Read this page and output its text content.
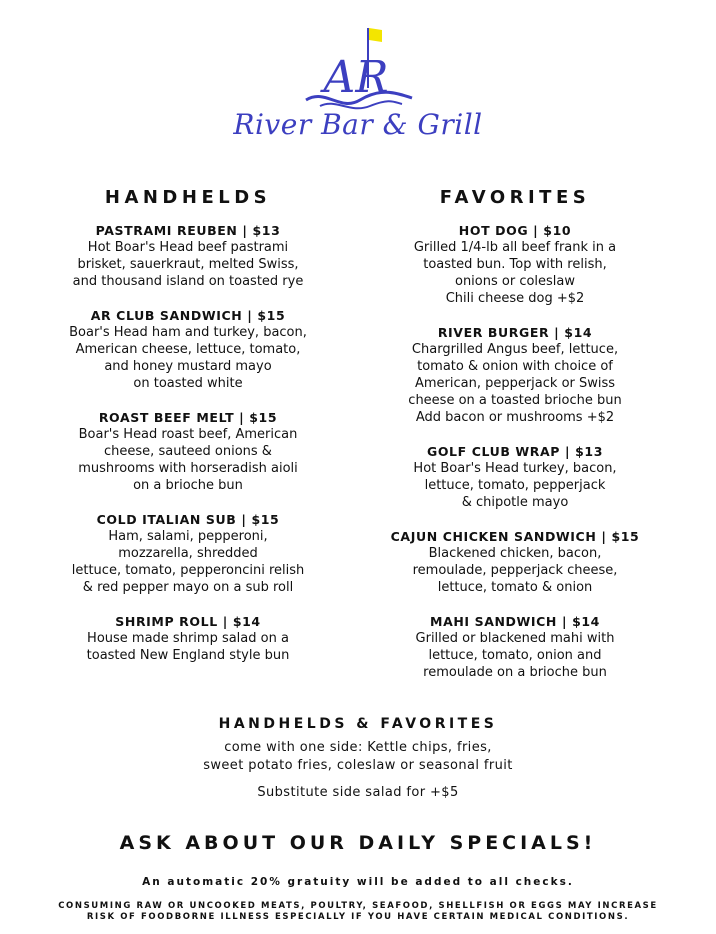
AR
River Bar & Grill
HANDHELDS
PASTRAMI REUBEN | $13
Hot Boar's Head beef pastrami
brisket, sauerkraut, melted Swiss,
and thousand island on toasted rye
AR CLUB SANDWICH | $15
Boar's Head ham and turkey, bacon,
American cheese, lettuce, tomato,
and honey mustard mayo
on toasted white
ROAST BEEF MELT | $15
Boar's Head roast beef, American
cheese, sauteed onions &
mushrooms with horseradish aioli
on a brioche bun
COLD ITALIAN SUB | $15
Ham, salami, pepperoni,
mozzarella, shredded
lettuce, tomato, pepperoncini relish
& red pepper mayo on a sub roll
SHRIMP ROLL | $14
House made shrimp salad on a
toasted New England style bun
FAVORITES
HOT DOG | $10
Grilled 1/4-lb all beef frank in a
toasted bun. Top with relish,
onions or coleslaw
Chili cheese dog +$2
RIVER BURGER | $14
Chargrilled Angus beef, lettuce,
tomato & onion with choice of
American, pepperjack or Swiss
cheese on a toasted brioche bun
Add bacon or mushrooms +$2
GOLF CLUB WRAP | $13
Hot Boar's Head turkey, bacon,
lettuce, tomato, pepperjack
& chipotle mayo
CAJUN CHICKEN SANDWICH | $15
Blackened chicken, bacon,
remoulade, pepperjack cheese,
lettuce, tomato & onion
MAHI SANDWICH | $14
Grilled or blackened mahi with
lettuce, tomato, onion and
remoulade on a brioche bun
HANDHELDS & FAVORITES
come with one side: Kettle chips, fries,
sweet potato fries, coleslaw or seasonal fruit
Substitute side salad for +$5
ASK ABOUT OUR DAILY SPECIALS!
An automatic 20% gratuity will be added to all checks.
CONSUMING RAW OR UNCOOKED MEATS, POULTRY, SEAFOOD, SHELLFISH OR EGGS MAY INCREASE
RISK OF FOODBORNE ILLNESS ESPECIALLY IF YOU HAVE CERTAIN MEDICAL CONDITIONS.
